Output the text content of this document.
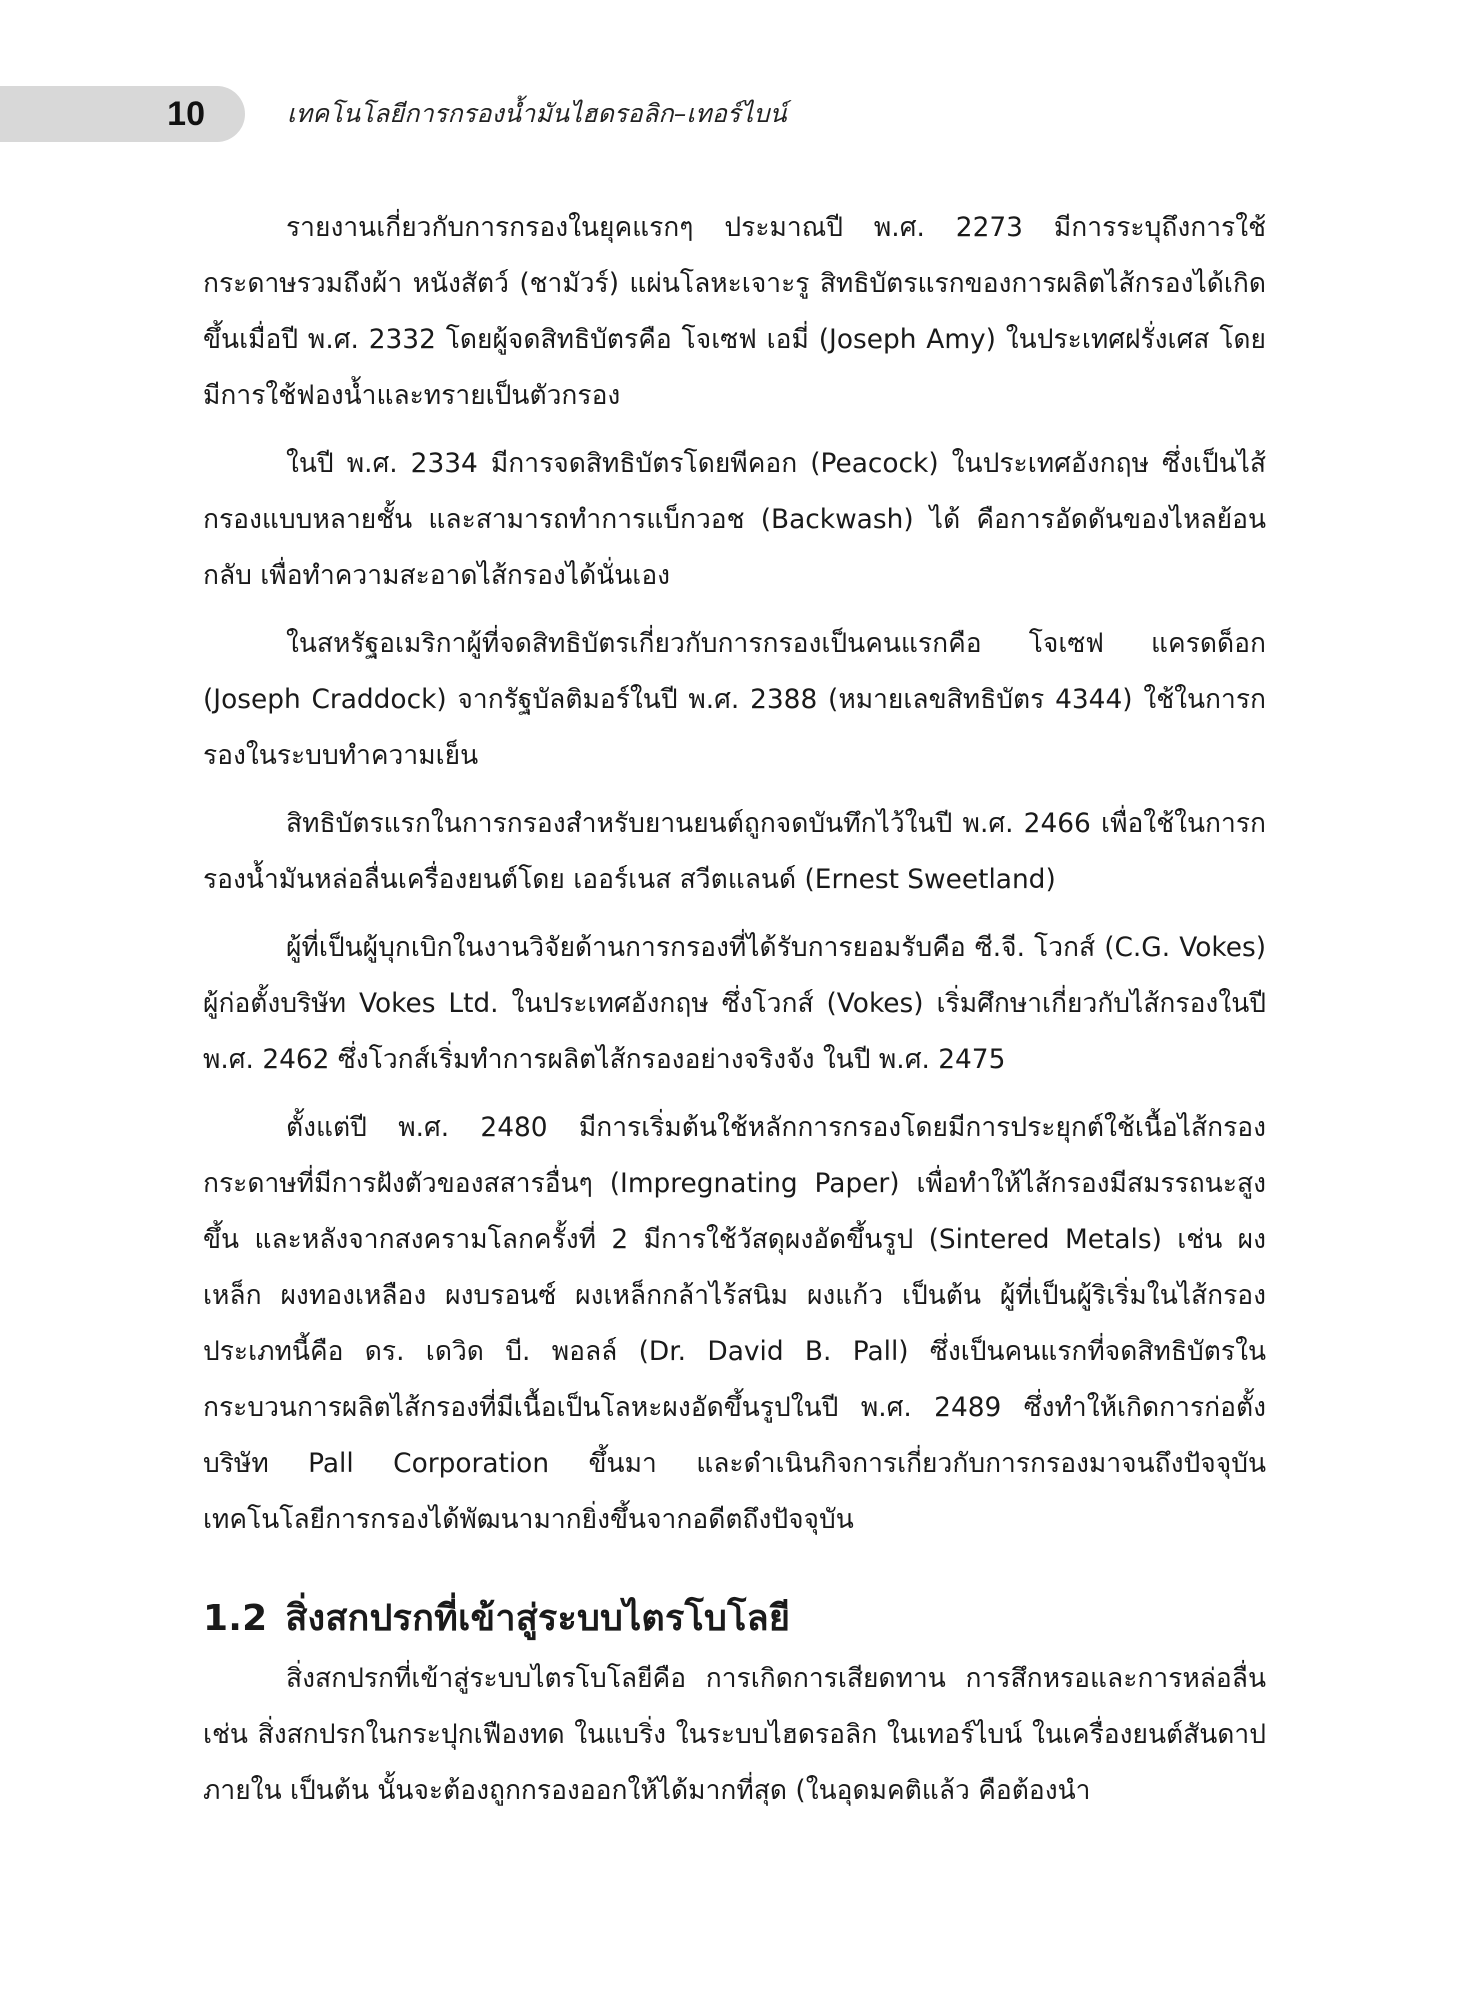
10	เทคโนโลยีการกรองน้ำมันไฮดรอลิก–เทอร์ไบน์

รายงานเกี่ยวกับการกรองในยุคแรกๆ ประมาณปี พ.ศ. 2273 มีการระบุถึงการใช้กระดาษรวมถึงผ้า หนังสัตว์ (ชามัวร์) แผ่นโลหะเจาะรู สิทธิบัตรแรกของการผลิตไส้กรองได้เกิดขึ้นเมื่อปี พ.ศ. 2332 โดยผู้จดสิทธิบัตรคือ โจเซฟ เอมี่ (Joseph Amy) ในประเทศฝรั่งเศส โดยมีการใช้ฟองน้ำและทรายเป็นตัวกรอง

ในปี พ.ศ. 2334 มีการจดสิทธิบัตรโดยพีคอก (Peacock) ในประเทศอังกฤษ ซึ่งเป็นไส้กรองแบบหลายชั้น และสามารถทำการแบ็กวอช (Backwash) ได้ คือการอัดดันของไหลย้อนกลับ เพื่อทำความสะอาดไส้กรองได้นั่นเอง

ในสหรัฐอเมริกาผู้ที่จดสิทธิบัตรเกี่ยวกับการกรองเป็นคนแรกคือ โจเซฟ แครดด็อก (Joseph Craddock) จากรัฐบัลติมอร์ในปี พ.ศ. 2388 (หมายเลขสิทธิบัตร 4344) ใช้ในการกรองในระบบทำความเย็น

สิทธิบัตรแรกในการกรองสำหรับยานยนต์ถูกจดบันทึกไว้ในปี พ.ศ. 2466 เพื่อใช้ในการกรองน้ำมันหล่อลื่นเครื่องยนต์โดย เออร์เนส สวีตแลนด์ (Ernest Sweetland)

ผู้ที่เป็นผู้บุกเบิกในงานวิจัยด้านการกรองที่ได้รับการยอมรับคือ ซี.จี. โวกส์ (C.G. Vokes) ผู้ก่อตั้งบริษัท Vokes Ltd. ในประเทศอังกฤษ ซึ่งโวกส์ (Vokes) เริ่มศึกษาเกี่ยวกับไส้กรองในปี พ.ศ. 2462 ซึ่งโวกส์เริ่มทำการผลิตไส้กรองอย่างจริงจัง ในปี พ.ศ. 2475

ตั้งแต่ปี พ.ศ. 2480 มีการเริ่มต้นใช้หลักการกรองโดยมีการประยุกต์ใช้เนื้อไส้กรองกระดาษที่มีการฝังตัวของสสารอื่นๆ (Impregnating Paper) เพื่อทำให้ไส้กรองมีสมรรถนะสูงขึ้น และหลังจากสงครามโลกครั้งที่ 2 มีการใช้วัสดุผงอัดขึ้นรูป (Sintered Metals) เช่น ผงเหล็ก ผงทองเหลือง ผงบรอนซ์ ผงเหล็กกล้าไร้สนิม ผงแก้ว เป็นต้น ผู้ที่เป็นผู้ริเริ่มในไส้กรองประเภทนี้คือ ดร. เดวิด บี. พอลล์ (Dr. David B. Pall) ซึ่งเป็นคนแรกที่จดสิทธิบัตรในกระบวนการผลิตไส้กรองที่มีเนื้อเป็นโลหะผงอัดขึ้นรูปในปี พ.ศ. 2489 ซึ่งทำให้เกิดการก่อตั้งบริษัท Pall Corporation ขึ้นมา และดำเนินกิจการเกี่ยวกับการกรองมาจนถึงปัจจุบัน เทคโนโลยีการกรองได้พัฒนามากยิ่งขึ้นจากอดีตถึงปัจจุบัน

1.2 สิ่งสกปรกที่เข้าสู่ระบบไตรโบโลยี

สิ่งสกปรกที่เข้าสู่ระบบไตรโบโลยีคือ การเกิดการเสียดทาน การสึกหรอและการหล่อลื่น เช่น สิ่งสกปรกในกระปุกเฟืองทด ในแบริ่ง ในระบบไฮดรอลิก ในเทอร์ไบน์ ในเครื่องยนต์สันดาปภายใน เป็นต้น นั้นจะต้องถูกกรองออกให้ได้มากที่สุด (ในอุดมคติแล้ว คือต้องนำ
